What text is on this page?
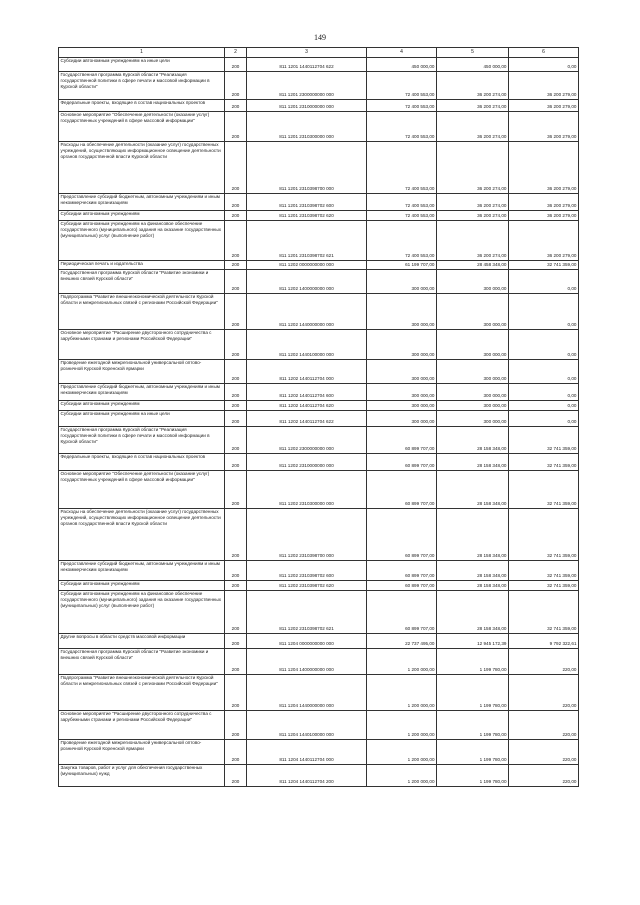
149
1	2	3	4	5	6
Субсидии автономным учреждениям на иные цели	200	811 1201 1440112704 622	450 000,00	450 000,00	0,00
Государственная программа Курской области "Реализация государственной политики в сфере печати и массовой информации в Курской области"	200	811 1201 2300000000 000	72 400 553,00	36 200 274,00	36 200 279,00
Федеральные проекты, входящие в состав национальных проектов	200	811 1201 2310000000 000	72 400 553,00	36 200 274,00	36 200 279,00
Основное мероприятие "Обеспечение деятельности (оказание услуг) государственных учреждений в сфере массовой информации"	200	811 1201 2310300000 000	72 400 553,00	36 200 274,00	36 200 279,00
Расходы на обеспечение деятельности (оказание услуг) государственных учреждений, осуществляющих информационное освещение деятельности органов государственной власти Курской области	200	811 1201 2310398700 000	72 400 553,00	36 200 274,00	36 200 279,00
Предоставление субсидий бюджетным, автономным учреждениям и иным некоммерческим организациям	200	811 1201 2310398702 600	72 400 553,00	36 200 274,00	36 200 279,00
Субсидии автономным учреждениям	200	811 1201 2310398702 620	72 400 553,00	36 200 274,00	36 200 279,00
Субсидии автономным учреждениям на финансовое обеспечение государственного (муниципального) задания на оказание государственных (муниципальных) услуг (выполнение работ)	200	811 1201 2310398702 621	72 400 553,00	36 200 274,00	36 200 279,00
Периодическая печать и издательства	200	811 1202 0000000000 000	61 199 707,00	28 458 348,00	32 741 359,00
Государственная программа Курской области "Развитие экономики и внешних связей Курской области"	200	811 1202 1400000000 000	300 000,00	300 000,00	0,00
Подпрограмма "Развитие внешнеэкономической деятельности Курской области и межрегиональных связей с регионами Российской Федерации"	200	811 1202 1440000000 000	300 000,00	300 000,00	0,00
Основное мероприятие "Расширение двусторонного сотрудничества с зарубежными странами и регионами Российской Федерации"	200	811 1202 1440100000 000	300 000,00	300 000,00	0,00
Проведение ежегодной межрегиональной универсальной оптово-розничной Курской Коренской ярмарки	200	811 1202 1440112704 000	300 000,00	300 000,00	0,00
Предоставление субсидий бюджетным, автономным учреждениям и иным некоммерческим организациям	200	811 1202 1440112704 600	300 000,00	300 000,00	0,00
Субсидии автономным учреждениям	200	811 1202 1440112704 620	300 000,00	300 000,00	0,00
Субсидии автономным учреждениям на иные цели	200	811 1202 1440112704 622	300 000,00	300 000,00	0,00
Государственная программа Курской области "Реализация государственной политики в сфере печати и массовой информации в Курской области"	200	811 1202 2300000000 000	60 899 707,00	28 158 348,00	32 741 359,00
Федеральные проекты, входящие в состав национальных проектов	200	811 1202 2310000000 000	60 899 707,00	28 158 348,00	32 741 359,00
Основное мероприятие "Обеспечение деятельности (оказание услуг) государственных учреждений в сфере массовой информации"	200	811 1202 2310300000 000	60 899 707,00	28 158 348,00	32 741 359,00
Расходы на обеспечение деятельности (оказание услуг) государственных учреждений, осуществляющих информационное освещение деятельности органов государственной власти Курской области	200	811 1202 2310398700 000	60 899 707,00	28 158 348,00	32 741 359,00
Предоставление субсидий бюджетным, автономным учреждениям и иным некоммерческим организациям	200	811 1202 2310398702 600	60 899 707,00	28 158 348,00	32 741 359,00
Субсидии автономным учреждениям	200	811 1202 2310398702 620	60 899 707,00	28 158 348,00	32 741 359,00
Субсидии автономным учреждениям на финансовое обеспечение государственного (муниципального) задания на оказание государственных (муниципальных) услуг (выполнение работ)	200	811 1202 2310398702 621	60 899 707,00	28 158 348,00	32 741 359,00
Другие вопросы в области средств массовой информации	200	811 1204 0000000000 000	22 737 495,00	12 945 172,39	9 792 322,61
Государственная программа Курской области "Развитие экономики и внешних связей Курской области"	200	811 1204 1400000000 000	1 200 000,00	1 199 780,00	220,00
Подпрограмма "Развитие внешнеэкономической деятельности Курской области и межрегиональных связей с регионами Российской Федерации"	200	811 1204 1440000000 000	1 200 000,00	1 199 780,00	220,00
Основное мероприятие "Расширение двусторонного сотрудничества с зарубежными странами и регионами Российской Федерации"	200	811 1204 1440100000 000	1 200 000,00	1 199 780,00	220,00
Проведение ежегодной межрегиональной универсальной оптово-розничной Курской Коренской ярмарки	200	811 1204 1440112704 000	1 200 000,00	1 199 780,00	220,00
Закупка товаров, работ и услуг для обеспечения государственных (муниципальных) нужд	200	811 1204 1440112704 200	1 200 000,00	1 199 780,00	220,00
